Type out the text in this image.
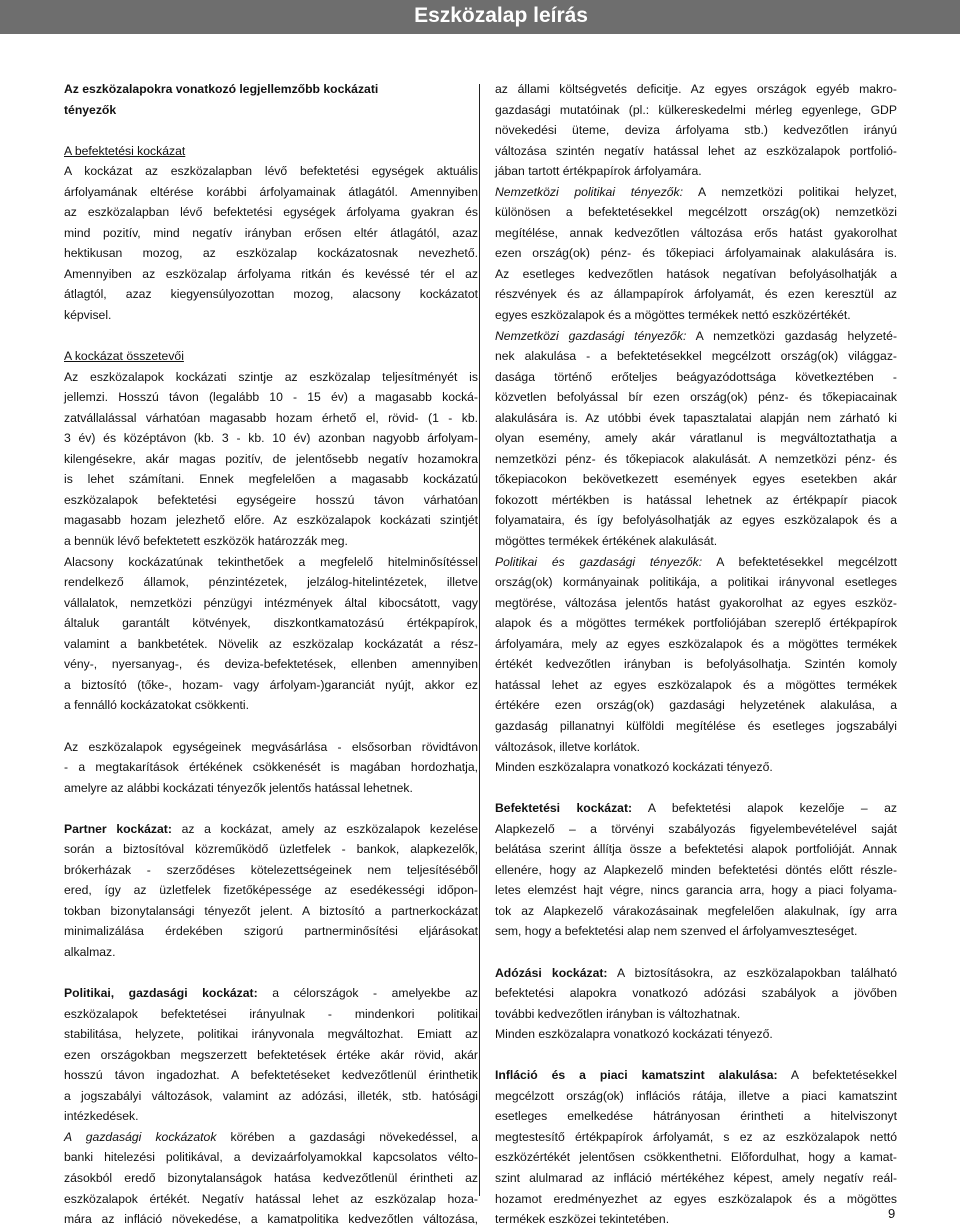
Eszközalap leírás
Az eszközalapokra vonatkozó legjellemzőbb kockázati
tényezők
A befektetési kockázat
A kockázat az eszközalapban lévő befektetési egységek aktuális
árfolyamának eltérése korábbi árfolyamainak átlagától. Amennyiben
az eszközalapban lévő befektetési egységek árfolyama gyakran és
mind pozitív, mind negatív irányban erősen eltér átlagától, azaz
hektikusan mozog, az eszközalap kockázatosnak nevezhető.
Amennyiben az eszközalap árfolyama ritkán és kevéssé tér el az
átlagtól, azaz kiegyensúlyozottan mozog, alacsony kockázatot
képvisel.
A kockázat összetevői
Az eszközalapok kockázati szintje az eszközalap teljesítményét is
jellemzi. Hosszú távon (legalább 10 - 15 év) a magasabb kocká-
zatvállalással várhatóan magasabb hozam érhető el, rövid- (1 - kb.
3 év) és középtávon (kb. 3 - kb. 10 év) azonban nagyobb árfolyam-
kilengésekre, akár magas pozitív, de jelentősebb negatív hozamokra
is lehet számítani. Ennek megfelelően a magasabb kockázatú
eszközalapok befektetési egységeire hosszú távon várhatóan
magasabb hozam jelezhető előre. Az eszközalapok kockázati szintjét
a bennük lévő befektetett eszközök határozzák meg.
Alacsony kockázatúnak tekinthetőek a megfelelő hitelminősítéssel
rendelkező államok, pénzintézetek, jelzálog-hitelintézetek, illetve
vállalatok, nemzetközi pénzügyi intézmények által kibocsátott, vagy
általuk garantált kötvények, diszkontkamatozású értékpapírok,
valamint a bankbetétek. Növelik az eszközalap kockázatát a rész-
vény-, nyersanyag-, és deviza-befektetések, ellenben amennyiben
a biztosító (tőke-, hozam- vagy árfolyam-)garanciát nyújt, akkor ez
a fennálló kockázatokat csökkenti.
Az eszközalapok egységeinek megvásárlása - elsősorban rövidtávon
- a megtakarítások értékének csökkenését is magában hordozhatja,
amelyre az alábbi kockázati tényezők jelentős hatással lehetnek.
Partner kockázat: az a kockázat, amely az eszközalapok kezelése
során a biztosítóval közreműködő üzletfelek - bankok, alapkezelők,
brókerházak - szerződéses kötelezettségeinek nem teljesítéséből
ered, így az üzletfelek fizetőképessége az esedékességi időpon-
tokban bizonytalansági tényezőt jelent. A biztosító a partnerkockázat
minimalizálása érdekében szigorú partnerminősítési eljárásokat
alkalmaz.
Politikai, gazdasági kockázat: a célországok - amelyekbe az
eszközalapok befektetései irányulnak - mindenkori politikai
stabilitása, helyzete, politikai irányvonala megváltozhat. Emiatt az
ezen országokban megszerzett befektetések értéke akár rövid, akár
hosszú távon ingadozhat. A befektetéseket kedvezőtlenül érinthetik
a jogszabályi változások, valamint az adózási, illeték, stb. hatósági
intézkedések.
A gazdasági kockázatok körében a gazdasági növekedéssel, a
banki hitelezési politikával, a devizaárfolyamokkal kapcsolatos vélto-
zásokból eredő bizonytalanságok hatása kedvezőtlenül érintheti az
eszközalapok értékét. Negatív hatással lehet az eszközalap hoza-
mára az infláció növekedése, a kamatpolitika kedvezőtlen változása,
az állami költségvetés deficitje. Az egyes országok egyéb makro-
gazdasági mutatóinak (pl.: külkereskedelmi mérleg egyenlege, GDP
növekedési üteme, deviza árfolyama stb.) kedvezőtlen irányú
változása szintén negatív hatással lehet az eszközalapok portfolió-
jában tartott értékpapírok árfolyamára.
Nemzetközi politikai tényezők: A nemzetközi politikai helyzet,
különösen a befektetésekkel megcélzott ország(ok) nemzetközi
megítélése, annak kedvezőtlen változása erős hatást gyakorolhat
ezen ország(ok) pénz- és tőkepiaci árfolyamainak alakulására is.
Az esetleges kedvezőtlen hatások negatívan befolyásolhatják a
részvények és az állampapírok árfolyamát, és ezen keresztül az
egyes eszközalapok és a mögöttes termékek nettó eszközértékét.
Nemzetközi gazdasági tényezők: A nemzetközi gazdaság helyzeté-
nek alakulása - a befektetésekkel megcélzott ország(ok) világgaz-
dasága történő erőteljes beágyazódottsága következtében -
közvetlen befolyással bír ezen ország(ok) pénz- és tőkepiacainak
alakulására is. Az utóbbi évek tapasztalatai alapján nem zárható ki
olyan esemény, amely akár váratlanul is megváltoztathatja a
nemzetközi pénz- és tőkepiacok alakulását. A nemzetközi pénz- és
tőkepiacokon bekövetkezett események egyes esetekben akár
fokozott mértékben is hatással lehetnek az értékpapír piacok
folyamataira, és így befolyásolhatják az egyes eszközalapok és a
mögöttes termékek értékének alakulását.
Politikai és gazdasági tényezők: A befektetésekkel megcélzott
ország(ok) kormányainak politikája, a politikai irányvonal esetleges
megtörése, változása jelentős hatást gyakorolhat az egyes eszköz-
alapok és a mögöttes termékek portfoliójában szereplő értékpapírok
árfolyamára, mely az egyes eszközalapok és a mögöttes termékek
értékét kedvezőtlen irányban is befolyásolhatja. Szintén komoly
hatással lehet az egyes eszközalapok és a mögöttes termékek
értékére ezen ország(ok) gazdasági helyzetének alakulása, a
gazdaság pillanatnyi külföldi megítélése és esetleges jogszabályi
változások, illetve korlátok.
Minden eszközalapra vonatkozó kockázati tényező.
Befektetési kockázat: A befektetési alapok kezelője – az
Alapkezelő – a törvényi szabályozás figyelembevételével saját
belátása szerint állítja össze a befektetési alapok portfolióját. Annak
ellenére, hogy az Alapkezelő minden befektetési döntés előtt részle-
letes elemzést hajt végre, nincs garancia arra, hogy a piaci folyama-
tok az Alapkezelő várakozásainak megfelelően alakulnak, így arra
sem, hogy a befektetési alap nem szenved el árfolyamveszteséget.
Adózási kockázat: A biztosításokra, az eszközalapokban található
befektetési alapokra vonatkozó adózási szabályok a jövőben
további kedvezőtlen irányban is változhatnak.
Minden eszközalapra vonatkozó kockázati tényező.
Infláció és a piaci kamatszint alakulása: A befektetésekkel
megcélzott ország(ok) inflációs rátája, illetve a piaci kamatszint
esetleges emelkedése hátrányosan érintheti a hitelviszonyt
megtestesítő értékpapírok árfolyamát, s ez az eszközalapok nettó
eszközértékét jelentősen csökkenthetni. Előfordulhat, hogy a kamat-
szint alulmarad az infláció mértékéhez képest, amely negatív reál-
hozamot eredményezhet az egyes eszközalapok és a mögöttes
termékek eszközei tekintetében.	9
